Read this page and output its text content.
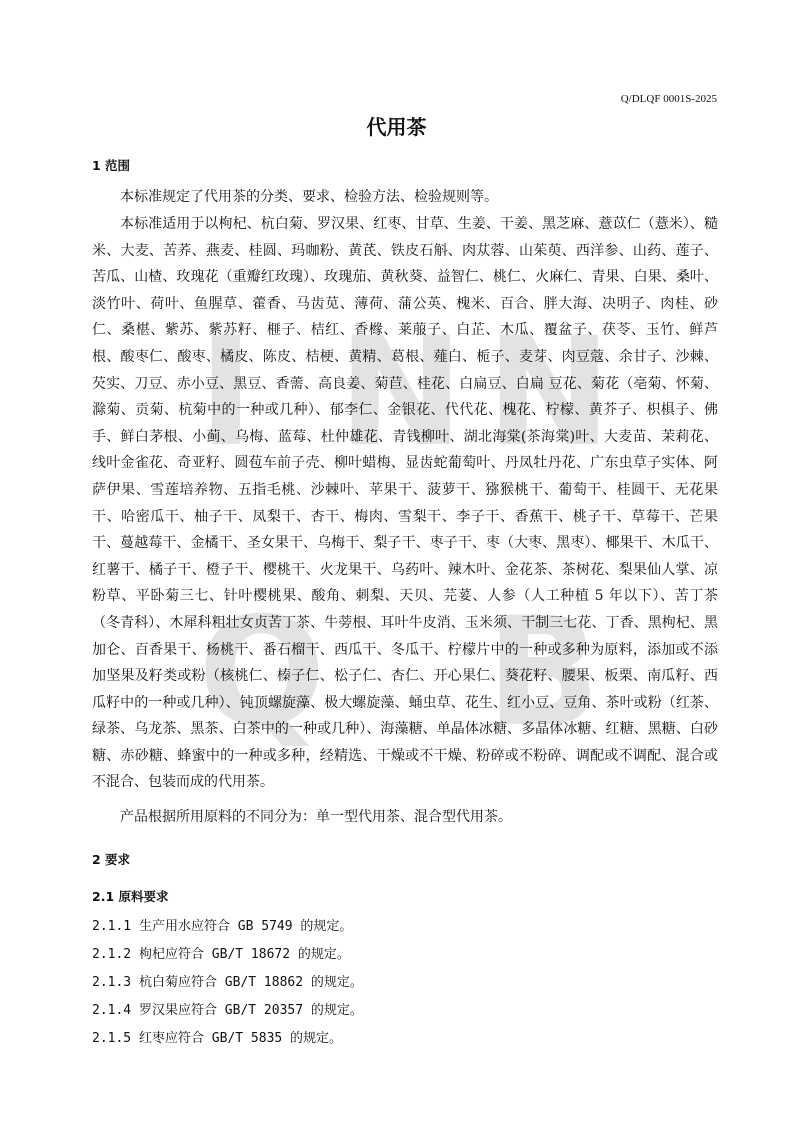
I N N
Q B
Q/DLQF 0001S-2025
代用茶
1 范围
本标准规定了代用茶的分类、要求、检验方法、检验规则等。
本标准适用于以枸杞、杭白菊、罗汉果、红枣、甘草、生姜、干姜、黑芝麻、薏苡仁（薏米）、糙米、大麦、苦荞、燕麦、桂圆、玛咖粉、黄芪、铁皮石斛、肉苁蓉、山茱萸、西洋参、山药、莲子、苦瓜、山楂、玫瑰花（重瓣红玫瑰）、玫瑰茄、黄秋葵、益智仁、桃仁、火麻仁、青果、白果、桑叶、淡竹叶、荷叶、鱼腥草、藿香、马齿苋、薄荷、蒲公英、槐米、百合、胖大海、决明子、肉桂、砂仁、桑椹、紫苏、紫苏籽、榧子、桔红、香橼、莱菔子、白芷、木瓜、覆盆子、茯苓、玉竹、鲜芦根、酸枣仁、酸枣、橘皮、陈皮、桔梗、黄精、葛根、薤白、栀子、麦芽、肉豆蔻、余甘子、沙棘、芡实、刀豆、赤小豆、黑豆、香薷、高良姜、菊苣、桂花、白扁豆、白扁 豆花、菊花（亳菊、怀菊、滁菊、贡菊、杭菊中的一种或几种）、郁李仁、金银花、代代花、槐花、柠檬、黄芥子、枳椇子、佛手、鲜白茅根、小蓟、乌梅、蓝莓、杜仲雄花、青钱柳叶、湖北海棠(茶海棠)叶、大麦苗、茉莉花、线叶金雀花、奇亚籽、圆苞车前子壳、柳叶蜡梅、显齿蛇葡萄叶、丹凤牡丹花、广东虫草子实体、阿萨伊果、雪莲培养物、五指毛桃、沙棘叶、苹果干、菠萝干、猕猴桃干、葡萄干、桂圆干、无花果干、哈密瓜干、柚子干、凤梨干、杏干、梅肉、雪梨干、李子干、香蕉干、桃子干、草莓干、芒果干、蔓越莓干、金橘干、圣女果干、乌梅干、梨子干、枣子干、枣（大枣、黑枣）、椰果干、木瓜干、红薯干、橘子干、橙子干、樱桃干、火龙果干、乌药叶、辣木叶、金花茶、茶树花、梨果仙人掌、凉粉草、平卧菊三七、针叶樱桃果、酸角、刺梨、天贝、芫荽、人参（人工种植 5 年以下）、苦丁茶（冬青科）、木犀科粗壮女贞苦丁茶、牛蒡根、耳叶牛皮消、玉米须、干制三七花、丁香、黑枸杞、黑加仑、百香果干、杨桃干、番石榴干、西瓜干、冬瓜干、柠檬片中的一种或多种为原料，添加或不添加坚果及籽类或粉（核桃仁、榛子仁、松子仁、杏仁、开心果仁、葵花籽、腰果、板栗、南瓜籽、西瓜籽中的一种或几种）、钝顶螺旋藻、极大螺旋藻、蛹虫草、花生、红小豆、豆角、茶叶或粉（红茶、绿茶、乌龙茶、黑茶、白茶中的一种或几种）、海藻糖、单晶体冰糖、多晶体冰糖、红糖、黑糖、白砂糖、赤砂糖、蜂蜜中的一种或多种，经精选、干燥或不干燥、粉碎或不粉碎、调配或不调配、混合或不混合、包装而成的代用茶。
产品根据所用原料的不同分为：单一型代用茶、混合型代用茶。
2 要求
2.1 原料要求
2.1.1 生产用水应符合 GB 5749 的规定。
2.1.2 枸杞应符合 GB/T 18672 的规定。
2.1.3 杭白菊应符合 GB/T 18862 的规定。
2.1.4 罗汉果应符合 GB/T 20357 的规定。
2.1.5 红枣应符合 GB/T 5835 的规定。
